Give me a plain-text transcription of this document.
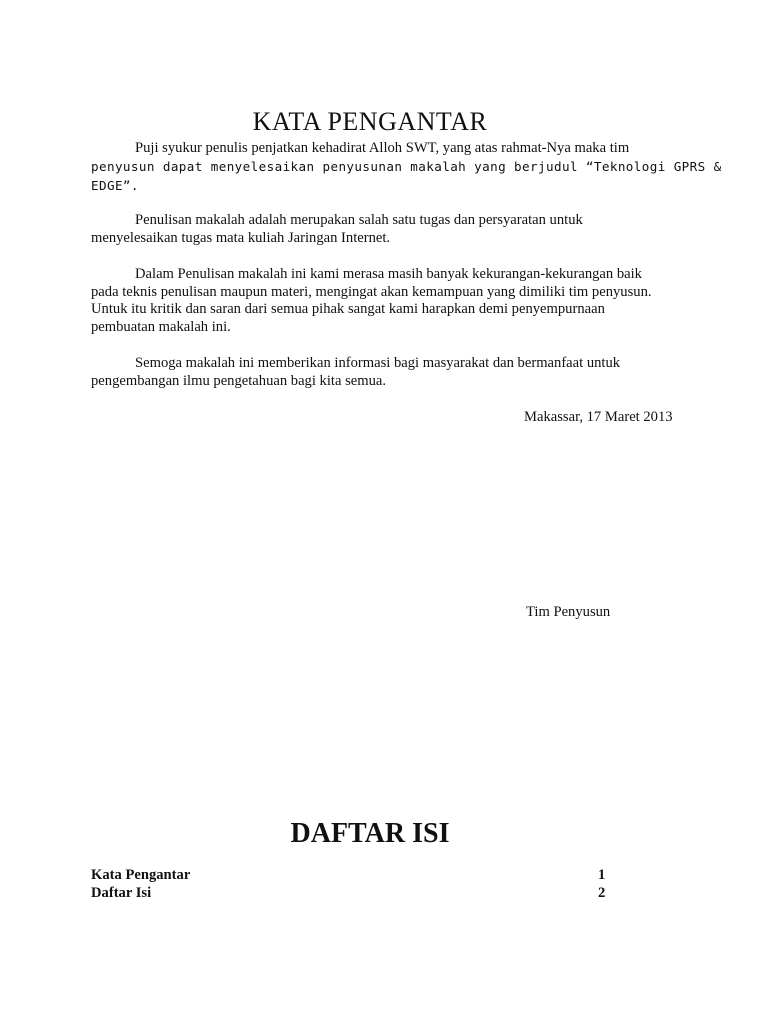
KATA PENGANTAR
Puji syukur penulis penjatkan kehadirat Alloh SWT, yang atas rahmat-Nya maka tim
penyusun dapat menyelesaikan penyusunan makalah yang berjudul “Teknologi GPRS &
EDGE”.
Penulisan makalah adalah merupakan salah satu tugas dan persyaratan untuk
menyelesaikan tugas mata kuliah Jaringan Internet.
Dalam Penulisan makalah ini kami merasa masih banyak kekurangan-kekurangan baik
pada teknis penulisan maupun materi, mengingat akan kemampuan yang dimiliki tim penyusun.
Untuk itu kritik dan saran dari semua pihak sangat kami harapkan demi penyempurnaan
pembuatan makalah ini.
Semoga makalah ini memberikan informasi bagi masyarakat dan bermanfaat untuk
pengembangan ilmu pengetahuan bagi kita semua.
Makassar, 17 Maret 2013
Tim Penyusun
DAFTAR ISI
Kata Pengantar	1
Daftar Isi	2
